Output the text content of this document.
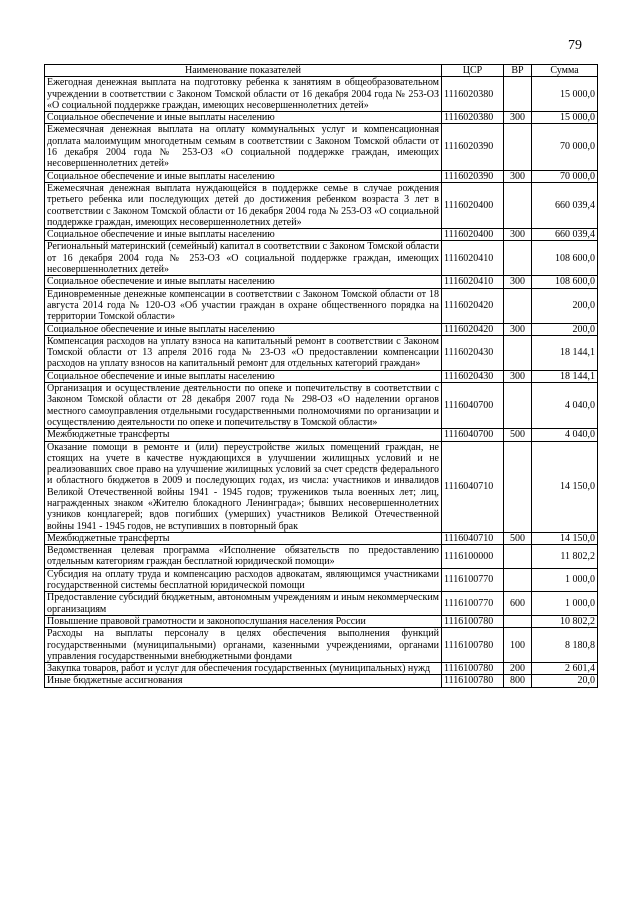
79
Наименование показателей	ЦСР	ВР	Сумма
Ежегодная денежная выплата на подготовку ребенка к занятиям в общеобразовательном учреждении в соответствии с Законом Томской области от 16 декабря 2004 года № 253-ОЗ «О социальной поддержке граждан, имеющих несовершеннолетних детей»	1116020380		15 000,0
Социальное обеспечение и иные выплаты населению	1116020380	300	15 000,0
Ежемесячная денежная выплата на оплату коммунальных услуг и компенсационная доплата малоимущим многодетным семьям в соответствии с Законом Томской области от 16 декабря 2004 года № 253-ОЗ «О социальной поддержке граждан, имеющих несовершеннолетних детей»	1116020390		70 000,0
Социальное обеспечение и иные выплаты населению	1116020390	300	70 000,0
Ежемесячная денежная выплата нуждающейся в поддержке семье в случае рождения третьего ребенка или последующих детей до достижения ребенком возраста 3 лет в соответствии с Законом Томской области от 16 декабря 2004 года № 253-ОЗ «О социальной поддержке граждан, имеющих несовершеннолетних детей»	1116020400		660 039,4
Социальное обеспечение и иные выплаты населению	1116020400	300	660 039,4
Региональный материнский (семейный) капитал в соответствии с Законом Томской области от 16 декабря 2004 года № 253-ОЗ «О социальной поддержке граждан, имеющих несовершеннолетних детей»	1116020410		108 600,0
Социальное обеспечение и иные выплаты населению	1116020410	300	108 600,0
Единовременные денежные компенсации в соответствии с Законом Томской области от 18 августа 2014 года № 120-ОЗ «Об участии граждан в охране общественного порядка на территории Томской области»	1116020420		200,0
Социальное обеспечение и иные выплаты населению	1116020420	300	200,0
Компенсация расходов на уплату взноса на капитальный ремонт в соответствии с Законом Томской области от 13 апреля 2016 года № 23-ОЗ «О предоставлении компенсации расходов на уплату взносов на капитальный ремонт для отдельных категорий граждан»	1116020430		18 144,1
Социальное обеспечение и иные выплаты населению	1116020430	300	18 144,1
Организация и осуществление деятельности по опеке и попечительству в соответствии с Законом Томской области от 28 декабря 2007 года № 298-ОЗ «О наделении органов местного самоуправления отдельными государственными полномочиями по организации и осуществлению деятельности по опеке и попечительству в Томской области»	1116040700		4 040,0
Межбюджетные трансферты	1116040700	500	4 040,0
Оказание помощи в ремонте и (или) переустройстве жилых помещений граждан, не стоящих на учете в качестве нуждающихся в улучшении жилищных условий и не реализовавших свое право на улучшение жилищных условий за счет средств федерального и областного бюджетов в 2009 и последующих годах, из числа: участников и инвалидов Великой Отечественной войны 1941 - 1945 годов; тружеников тыла военных лет; лиц, награжденных знаком «Жителю блокадного Ленинграда»; бывших несовершеннолетних узников концлагерей; вдов погибших (умерших) участников Великой Отечественной войны 1941 - 1945 годов, не вступивших в повторный брак	1116040710		14 150,0
Межбюджетные трансферты	1116040710	500	14 150,0
Ведомственная целевая программа «Исполнение обязательств по предоставлению отдельным категориям граждан бесплатной юридической помощи»	1116100000		11 802,2
Субсидия на оплату труда и компенсацию расходов адвокатам, являющимся участниками государственной системы бесплатной юридической помощи	1116100770		1 000,0
Предоставление субсидий бюджетным, автономным учреждениям и иным некоммерческим организациям	1116100770	600	1 000,0
Повышение правовой грамотности и законопослушания населения России	1116100780		10 802,2
Расходы на выплаты персоналу в целях обеспечения выполнения функций государственными (муниципальными) органами, казенными учреждениями, органами управления государственными внебюджетными фондами	1116100780	100	8 180,8
Закупка товаров, работ и услуг для обеспечения государственных (муниципальных) нужд	1116100780	200	2 601,4
Иные бюджетные ассигнования	1116100780	800	20,0
